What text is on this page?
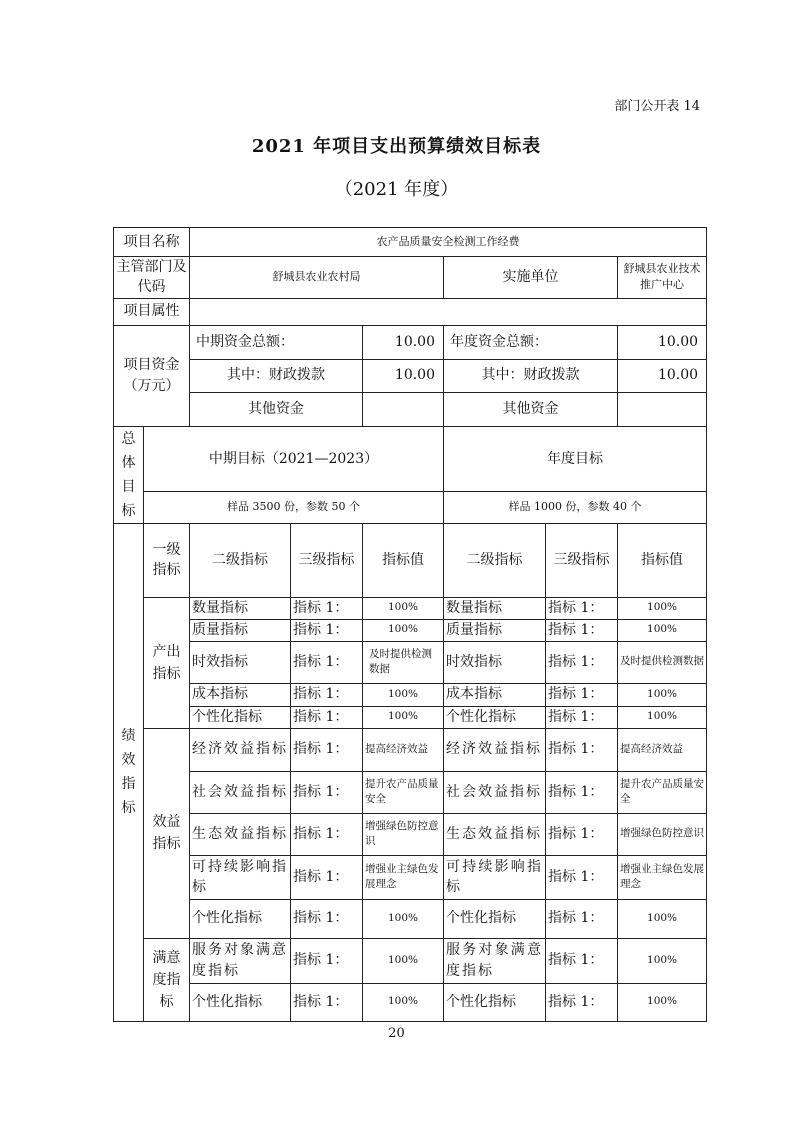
部门公开表 14
2021 年项目支出预算绩效目标表
（2021 年度）
项目名称		农产品质量安全检测工作经费					
主管部门及代码		舒城县农业农村局			实施单位		舒城县农业技术推广中心
项目属性							
项目资金（万元）		中期资金总额：		10.00	年度资金总额：		10.00
		其中：财政拨款		10.00	其中：财政拨款		10.00
		其他资金			其他资金		

总
体
目
标	中期目标（2021—2023）				年度目标		
	样品 3500 份，参数 50 个				样品 1000 份，参数 40 个		

绩
效
指
标	一级指标	二级指标	三级指标	指标值	二级指标	三级指标	指标值

	产出
指标	数量指标	指标 1：	100%	数量指标	指标 1：	100%
		质量指标	指标 1：	100%	质量指标	指标 1：	100%
		时效指标	指标 1：	及时提供检测数据	时效指标	指标 1：	及时提供检测数据
		成本指标	指标 1：	100%	成本指标	指标 1：	100%
		个性化指标	指标 1：	100%	个性化指标	指标 1：	100%

	效益
指标	经济效益指标	指标 1：	提高经济效益	经济效益指标	指标 1：	提高经济效益
		社会效益指标	指标 1：	提升农产品质量安全	社会效益指标	指标 1：	提升农产品质量安全
		生态效益指标	指标 1：	增强绿色防控意识	生态效益指标	指标 1：	增强绿色防控意识
		可持续影响指标	指标 1：	增强业主绿色发展理念	可持续影响指标	指标 1：	增强业主绿色发展理念
		个性化指标	指标 1：	100%	个性化指标	指标 1：	100%

	满意
度指
标	服务对象满意度指标	指标 1：	100%	服务对象满意度指标	指标 1：	100%
		个性化指标	指标 1：	100%	个性化指标	指标 1：	100%
20
